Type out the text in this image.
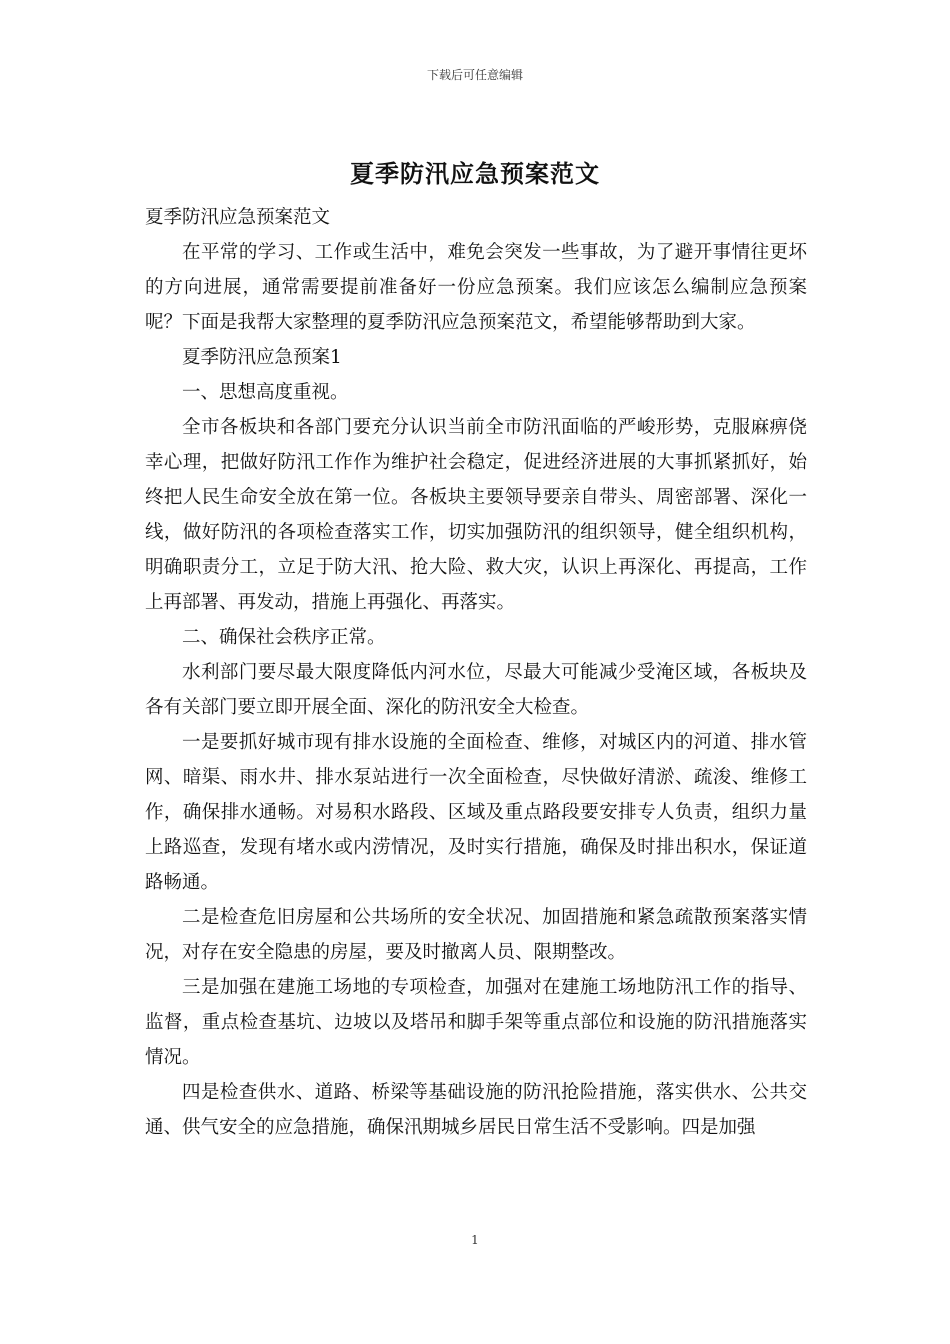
下载后可任意编辑
夏季防汛应急预案范文

夏季防汛应急预案范文

在平常的学习、工作或生活中，难免会突发一些事故，为了避开事情往更坏的方向进展，通常需要提前准备好一份应急预案。我们应该怎么编制应急预案呢？下面是我帮大家整理的夏季防汛应急预案范文，希望能够帮助到大家。

夏季防汛应急预案1

一、思想高度重视。

全市各板块和各部门要充分认识当前全市防汛面临的严峻形势，克服麻痹侥幸心理，把做好防汛工作作为维护社会稳定，促进经济进展的大事抓紧抓好，始终把人民生命安全放在第一位。各板块主要领导要亲自带头、周密部署、深化一线，做好防汛的各项检查落实工作，切实加强防汛的组织领导，健全组织机构，明确职责分工，立足于防大汛、抢大险、救大灾，认识上再深化、再提高，工作上再部署、再发动，措施上再强化、再落实。

二、确保社会秩序正常。

水利部门要尽最大限度降低内河水位，尽最大可能减少受淹区域，各板块及各有关部门要立即开展全面、深化的防汛安全大检查。

一是要抓好城市现有排水设施的全面检查、维修，对城区内的河道、排水管网、暗渠、雨水井、排水泵站进行一次全面检查，尽快做好清淤、疏浚、维修工作，确保排水通畅。对易积水路段、区域及重点路段要安排专人负责，组织力量上路巡查，发现有堵水或内涝情况，及时实行措施，确保及时排出积水，保证道路畅通。

二是检查危旧房屋和公共场所的安全状况、加固措施和紧急疏散预案落实情况，对存在安全隐患的房屋，要及时撤离人员、限期整改。

三是加强在建施工场地的专项检查，加强对在建施工场地防汛工作的指导、监督，重点检查基坑、边坡以及塔吊和脚手架等重点部位和设施的防汛措施落实情况。

四是检查供水、道路、桥梁等基础设施的防汛抢险措施，落实供水、公共交通、供气安全的应急措施，确保汛期城乡居民日常生活不受影响。四是加强

1
